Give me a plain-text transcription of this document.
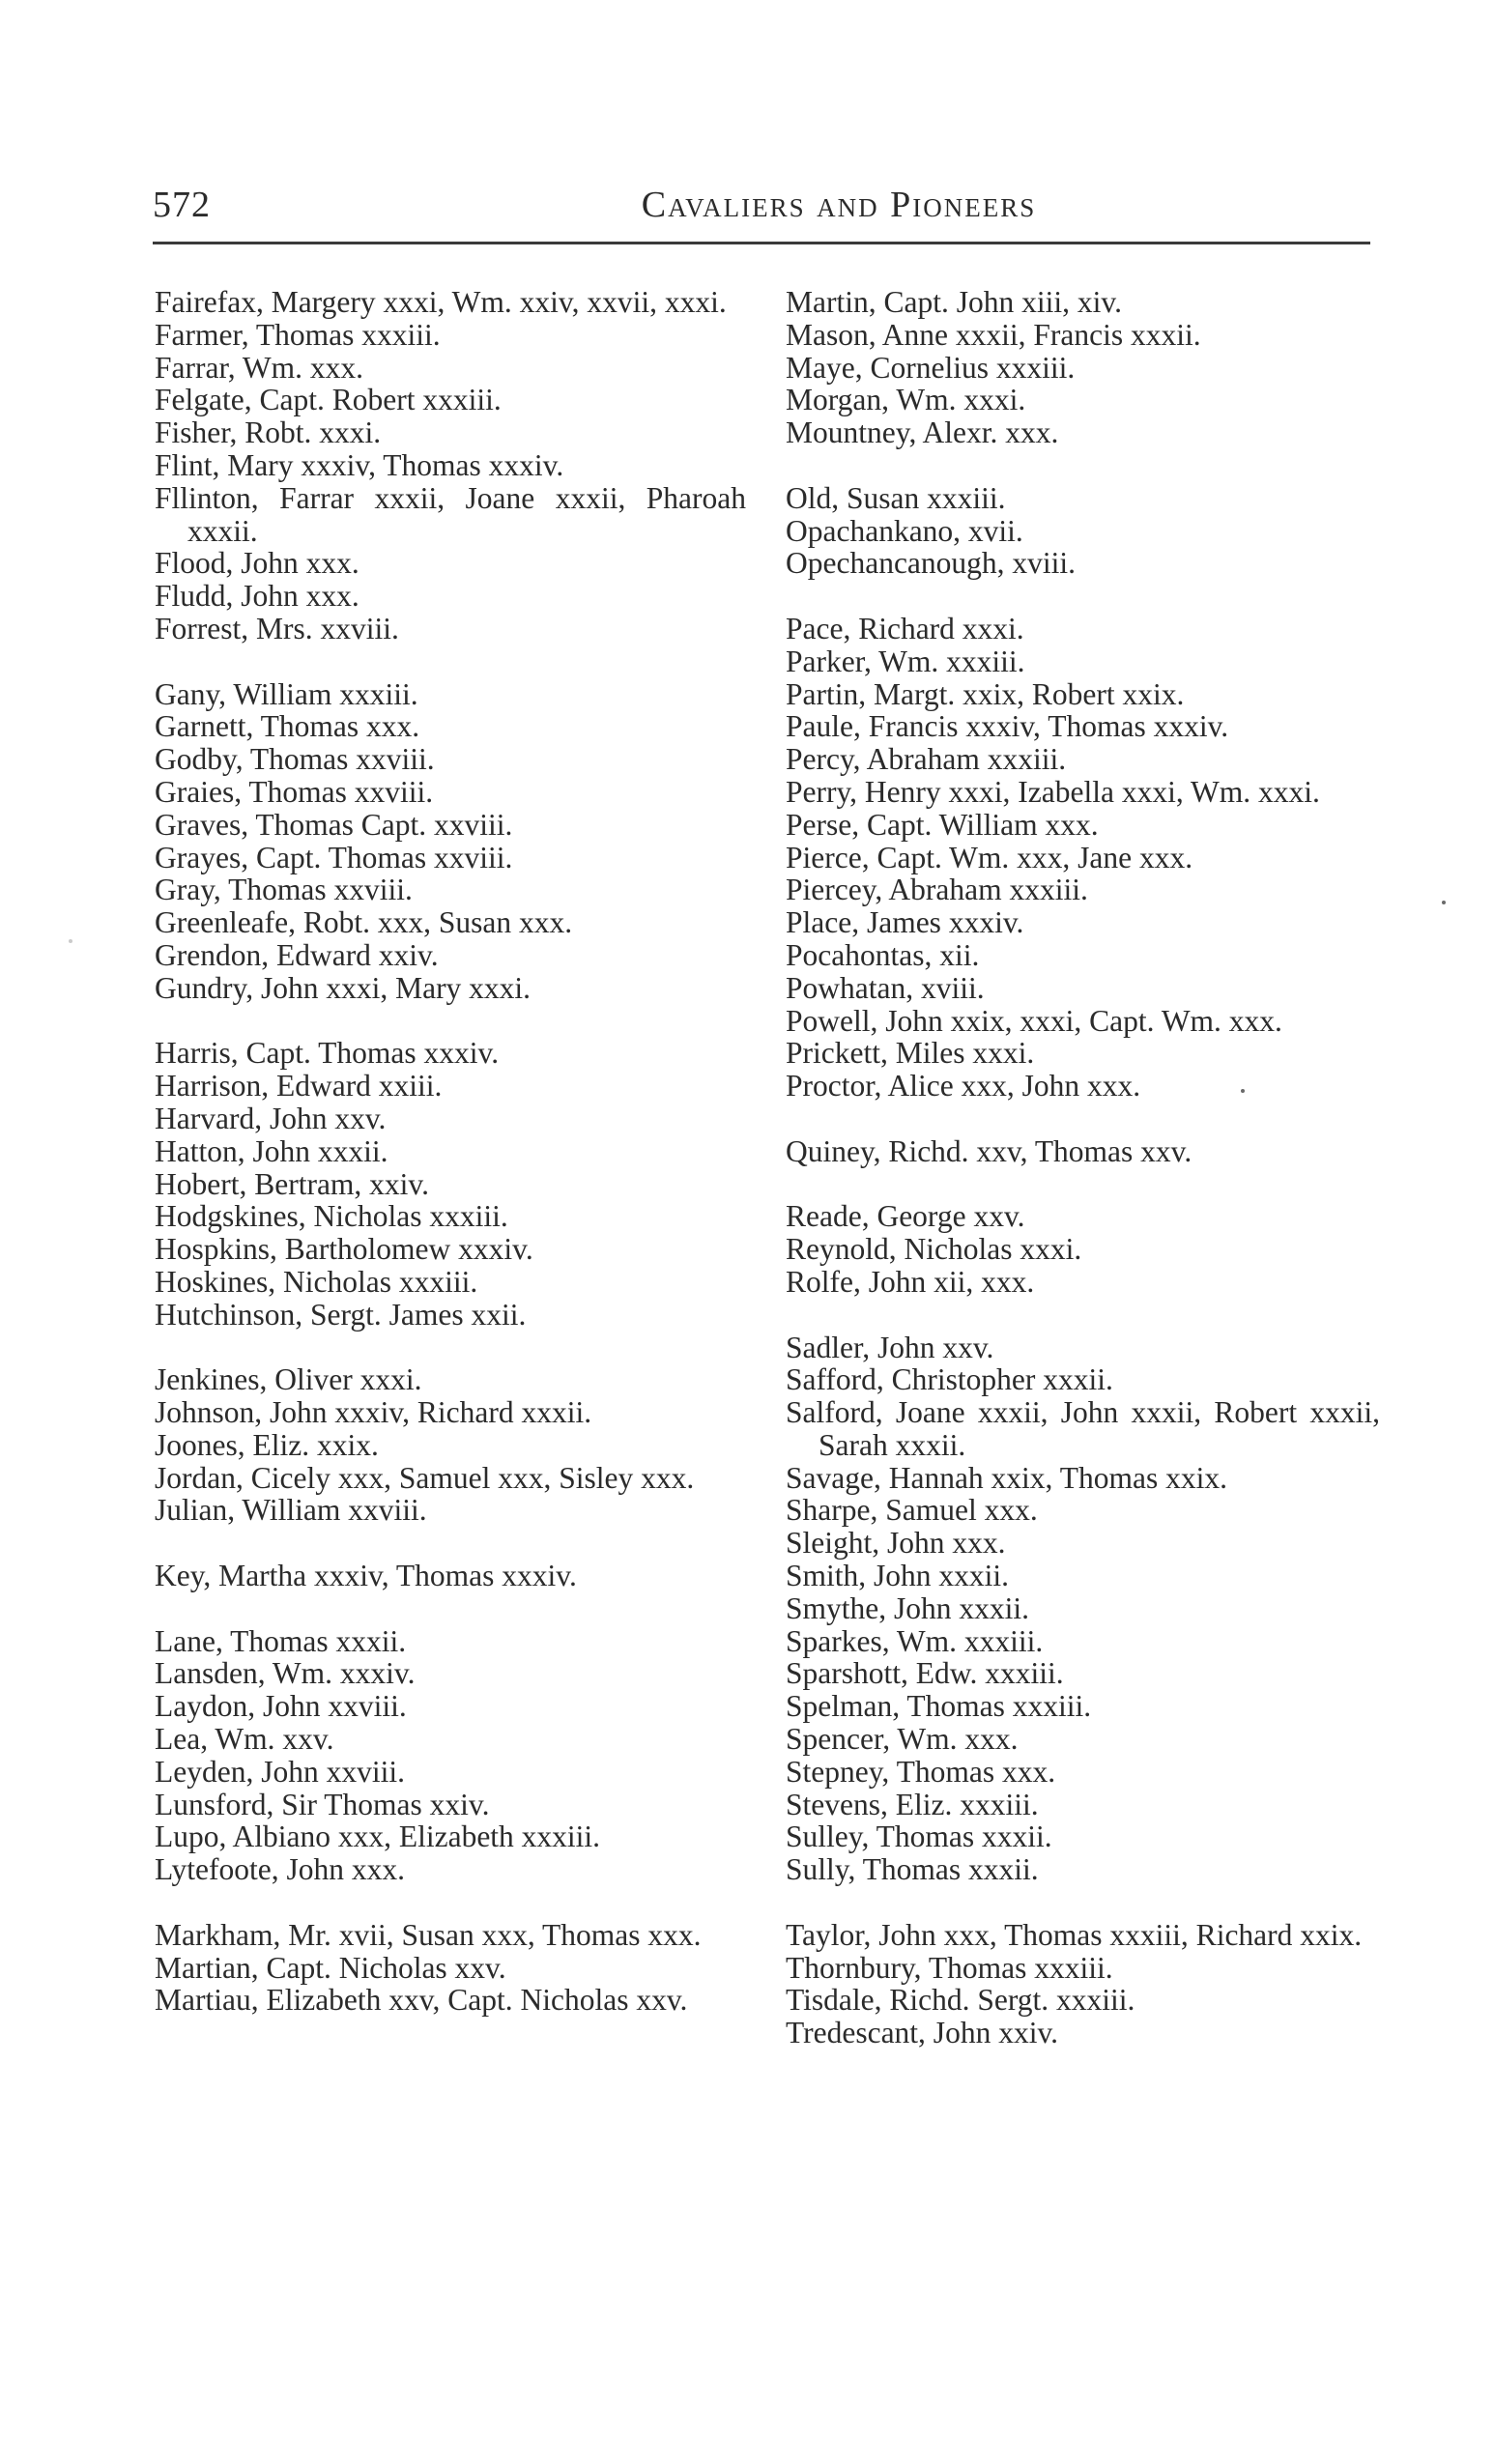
572	Cavaliers and Pioneers
Fairefax, Margery xxxi, Wm. xxiv, xxvii, xxxi.
Farmer, Thomas xxxiii.
Farrar, Wm. xxx.
Felgate, Capt. Robert xxxiii.
Fisher, Robt. xxxi.
Flint, Mary xxxiv, Thomas xxxiv.
Fllinton, Farrar xxxii, Joane xxxii, Pharoah xxxii.
Flood, John xxx.
Fludd, John xxx.
Forrest, Mrs. xxviii.
Gany, William xxxiii.
Garnett, Thomas xxx.
Godby, Thomas xxviii.
Graies, Thomas xxviii.
Graves, Thomas Capt. xxviii.
Grayes, Capt. Thomas xxviii.
Gray, Thomas xxviii.
Greenleafe, Robt. xxx, Susan xxx.
Grendon, Edward xxiv.
Gundry, John xxxi, Mary xxxi.
Harris, Capt. Thomas xxxiv.
Harrison, Edward xxiii.
Harvard, John xxv.
Hatton, John xxxii.
Hobert, Bertram, xxiv.
Hodgskines, Nicholas xxxiii.
Hospkins, Bartholomew xxxiv.
Hoskines, Nicholas xxxiii.
Hutchinson, Sergt. James xxii.
Jenkines, Oliver xxxi.
Johnson, John xxxiv, Richard xxxii.
Joones, Eliz. xxix.
Jordan, Cicely xxx, Samuel xxx, Sisley xxx.
Julian, William xxviii.
Key, Martha xxxiv, Thomas xxxiv.
Lane, Thomas xxxii.
Lansden, Wm. xxxiv.
Laydon, John xxviii.
Lea, Wm. xxv.
Leyden, John xxviii.
Lunsford, Sir Thomas xxiv.
Lupo, Albiano xxx, Elizabeth xxxiii.
Lytefoote, John xxx.
Markham, Mr. xvii, Susan xxx, Thomas xxx.
Martian, Capt. Nicholas xxv.
Martiau, Elizabeth xxv, Capt. Nicholas xxv.
Martin, Capt. John xiii, xiv.
Mason, Anne xxxii, Francis xxxii.
Maye, Cornelius xxxiii.
Morgan, Wm. xxxi.
Mountney, Alexr. xxx.
Old, Susan xxxiii.
Opachankano, xvii.
Opechancanough, xviii.
Pace, Richard xxxi.
Parker, Wm. xxxiii.
Partin, Margt. xxix, Robert xxix.
Paule, Francis xxxiv, Thomas xxxiv.
Percy, Abraham xxxiii.
Perry, Henry xxxi, Izabella xxxi, Wm. xxxi.
Perse, Capt. William xxx.
Pierce, Capt. Wm. xxx, Jane xxx.
Piercey, Abraham xxxiii.
Place, James xxxiv.
Pocahontas, xii.
Powhatan, xviii.
Powell, John xxix, xxxi, Capt. Wm. xxx.
Prickett, Miles xxxi.
Proctor, Alice xxx, John xxx.
Quiney, Richd. xxv, Thomas xxv.
Reade, George xxv.
Reynold, Nicholas xxxi.
Rolfe, John xii, xxx.
Sadler, John xxv.
Safford, Christopher xxxii.
Salford, Joane xxxii, John xxxii, Robert xxxii, Sarah xxxii.
Savage, Hannah xxix, Thomas xxix.
Sharpe, Samuel xxx.
Sleight, John xxx.
Smith, John xxxii.
Smythe, John xxxii.
Sparkes, Wm. xxxiii.
Sparshott, Edw. xxxiii.
Spelman, Thomas xxxiii.
Spencer, Wm. xxx.
Stepney, Thomas xxx.
Stevens, Eliz. xxxiii.
Sulley, Thomas xxxii.
Sully, Thomas xxxii.
Taylor, John xxx, Thomas xxxiii, Richard xxix.
Thornbury, Thomas xxxiii.
Tisdale, Richd. Sergt. xxxiii.
Tredescant, John xxiv.
